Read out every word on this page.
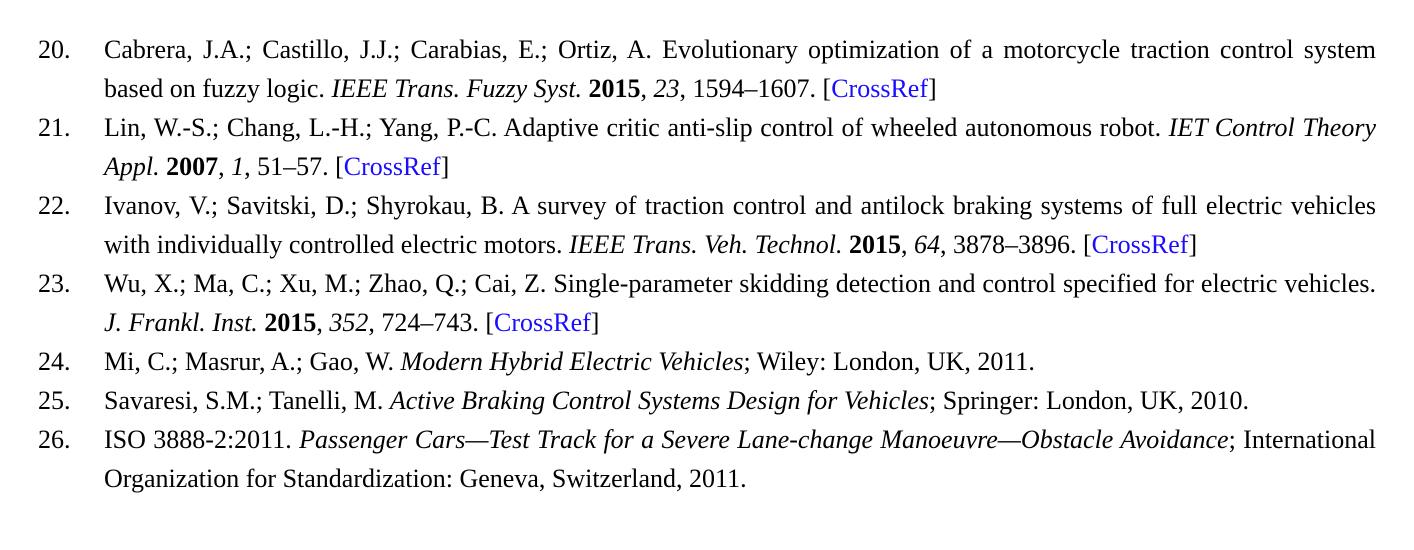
20. Cabrera, J.A.; Castillo, J.J.; Carabias, E.; Ortiz, A. Evolutionary optimization of a motorcycle traction control system based on fuzzy logic. IEEE Trans. Fuzzy Syst. 2015, 23, 1594–1607. [CrossRef]
21. Lin, W.-S.; Chang, L.-H.; Yang, P.-C. Adaptive critic anti-slip control of wheeled autonomous robot. IET Control Theory Appl. 2007, 1, 51–57. [CrossRef]
22. Ivanov, V.; Savitski, D.; Shyrokau, B. A survey of traction control and antilock braking systems of full electric vehicles with individually controlled electric motors. IEEE Trans. Veh. Technol. 2015, 64, 3878–3896. [CrossRef]
23. Wu, X.; Ma, C.; Xu, M.; Zhao, Q.; Cai, Z. Single-parameter skidding detection and control specified for electric vehicles. J. Frankl. Inst. 2015, 352, 724–743. [CrossRef]
24. Mi, C.; Masrur, A.; Gao, W. Modern Hybrid Electric Vehicles; Wiley: London, UK, 2011.
25. Savaresi, S.M.; Tanelli, M. Active Braking Control Systems Design for Vehicles; Springer: London, UK, 2010.
26. ISO 3888-2:2011. Passenger Cars—Test Track for a Severe Lane-change Manoeuvre—Obstacle Avoidance; International Organization for Standardization: Geneva, Switzerland, 2011.
